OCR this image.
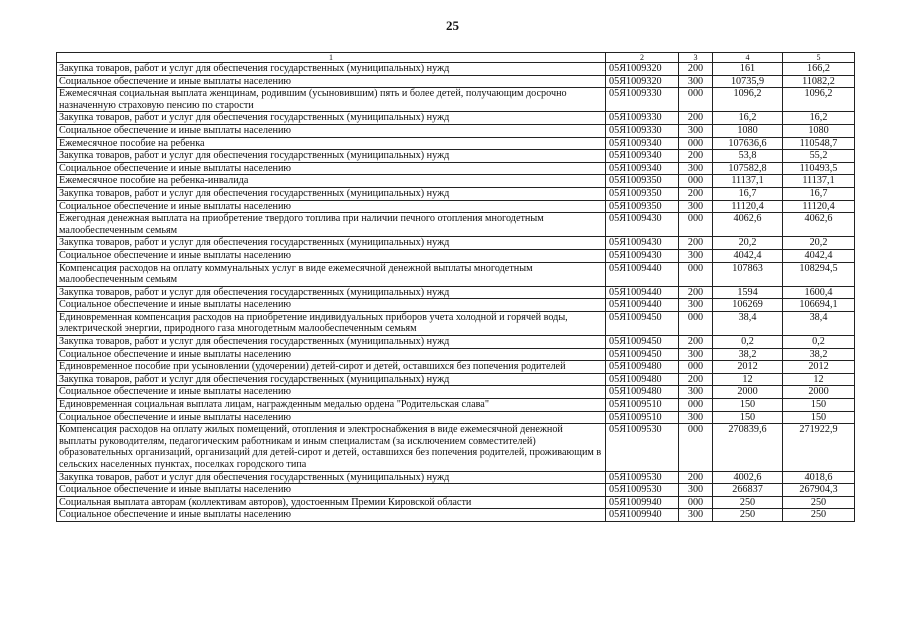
25
1	2	3	4	5
Закупка товаров, работ и услуг для обеспечения государственных (муниципальных) нужд	05Я1009320	200	161	166,2
Социальное обеспечение и иные выплаты населению	05Я1009320	300	10735,9	11082,2
Ежемесячная социальная выплата женщинам, родившим (усыновившим) пять и более детей, получающим досрочно назначенную страховую пенсию по старости	05Я1009330	000	1096,2	1096,2
Закупка товаров, работ и услуг для обеспечения государственных (муниципальных) нужд	05Я1009330	200	16,2	16,2
Социальное обеспечение и иные выплаты населению	05Я1009330	300	1080	1080
Ежемесячное пособие на ребенка	05Я1009340	000	107636,6	110548,7
Закупка товаров, работ и услуг для обеспечения государственных (муниципальных) нужд	05Я1009340	200	53,8	55,2
Социальное обеспечение и иные выплаты населению	05Я1009340	300	107582,8	110493,5
Ежемесячное пособие на ребенка-инвалида	05Я1009350	000	11137,1	11137,1
Закупка товаров, работ и услуг для обеспечения государственных (муниципальных) нужд	05Я1009350	200	16,7	16,7
Социальное обеспечение и иные выплаты населению	05Я1009350	300	11120,4	11120,4
Ежегодная денежная выплата на приобретение твердого топлива при наличии печного отопления многодетным малообеспеченным семьям	05Я1009430	000	4062,6	4062,6
Закупка товаров, работ и услуг для обеспечения государственных (муниципальных) нужд	05Я1009430	200	20,2	20,2
Социальное обеспечение и иные выплаты населению	05Я1009430	300	4042,4	4042,4
Компенсация расходов на оплату коммунальных услуг в виде ежемесячной денежной выплаты многодетным малообеспеченным семьям	05Я1009440	000	107863	108294,5
Закупка товаров, работ и услуг для обеспечения государственных (муниципальных) нужд	05Я1009440	200	1594	1600,4
Социальное обеспечение и иные выплаты населению	05Я1009440	300	106269	106694,1
Единовременная компенсация расходов на приобретение индивидуальных приборов учета холодной и горячей воды, электрической энергии, природного газа многодетным малообеспеченным семьям	05Я1009450	000	38,4	38,4
Закупка товаров, работ и услуг для обеспечения государственных (муниципальных) нужд	05Я1009450	200	0,2	0,2
Социальное обеспечение и иные выплаты населению	05Я1009450	300	38,2	38,2
Единовременное пособие при усыновлении (удочерении) детей-сирот и детей, оставшихся без попечения родителей	05Я1009480	000	2012	2012
Закупка товаров, работ и услуг для обеспечения государственных (муниципальных) нужд	05Я1009480	200	12	12
Социальное обеспечение и иные выплаты населению	05Я1009480	300	2000	2000
Единовременная социальная выплата лицам, награжденным медалью ордена "Родительская слава"	05Я1009510	000	150	150
Социальное обеспечение и иные выплаты населению	05Я1009510	300	150	150
Компенсация расходов на оплату жилых помещений, отопления и электроснабжения в виде ежемесячной денежной выплаты руководителям, педагогическим работникам и иным специалистам (за исключением совместителей) образовательных организаций, организаций для детей-сирот и детей, оставшихся без попечения родителей, проживающим в сельских населенных пунктах, поселках городского типа	05Я1009530	000	270839,6	271922,9
Закупка товаров, работ и услуг для обеспечения государственных (муниципальных) нужд	05Я1009530	200	4002,6	4018,6
Социальное обеспечение и иные выплаты населению	05Я1009530	300	266837	267904,3
Социальная выплата авторам (коллективам авторов), удостоенным Премии Кировской области	05Я1009940	000	250	250
Социальное обеспечение и иные выплаты населению	05Я1009940	300	250	250
